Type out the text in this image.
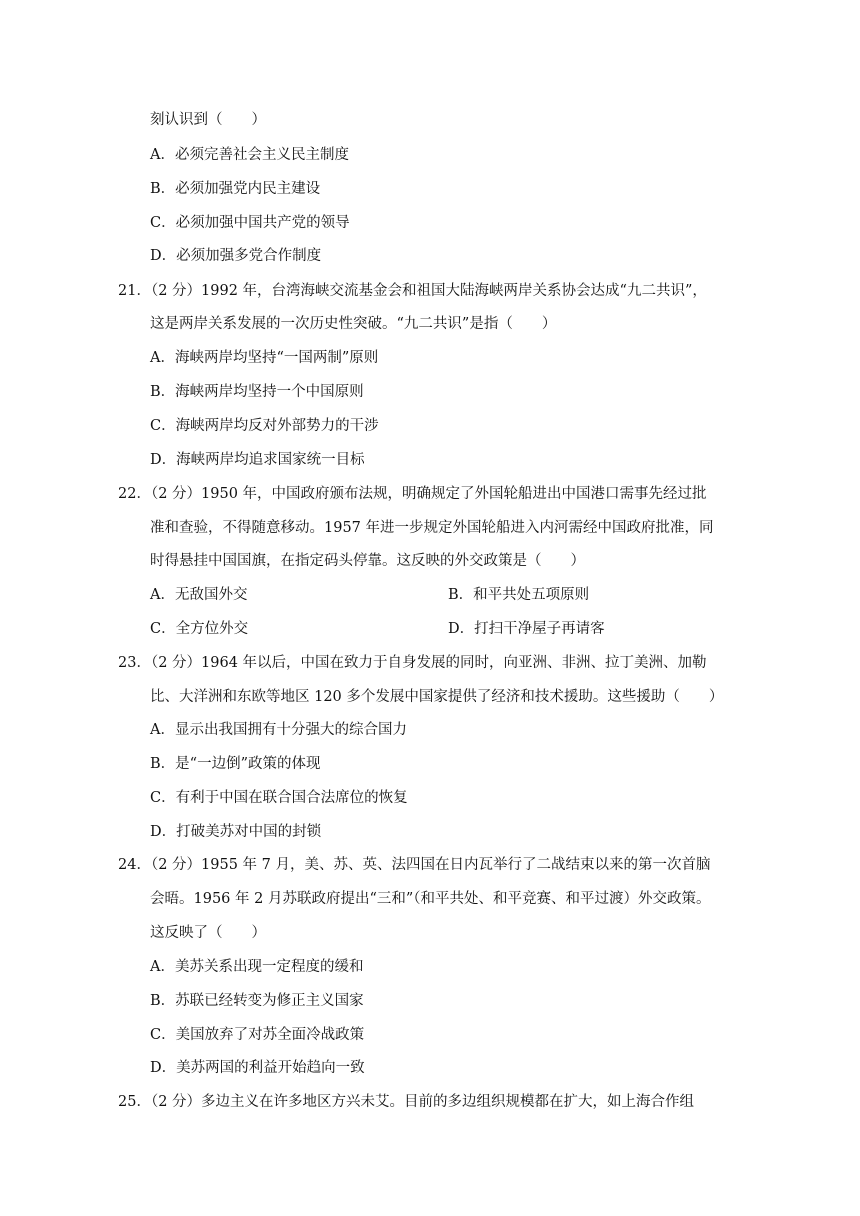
刻认识到（　　）
A．必须完善社会主义民主制度
B．必须加强党内民主建设
C．必须加强中国共产党的领导
D．必须加强多党合作制度
21．（2 分）1992 年，台湾海峡交流基金会和祖国大陆海峡两岸关系协会达成“九二共识”，
这是两岸关系发展的一次历史性突破。“九二共识”是指（　　）
A．海峡两岸均坚持“一国两制”原则
B．海峡两岸均坚持一个中国原则
C．海峡两岸均反对外部势力的干涉
D．海峡两岸均追求国家统一目标
22．（2 分）1950 年，中国政府颁布法规，明确规定了外国轮船进出中国港口需事先经过批
准和查验，不得随意移动。1957 年进一步规定外国轮船进入内河需经中国政府批准，同
时得悬挂中国国旗，在指定码头停靠。这反映的外交政策是（　　）
A．无敌国外交	B．和平共处五项原则
C．全方位外交	D．打扫干净屋子再请客
23．（2 分）1964 年以后，中国在致力于自身发展的同时，向亚洲、非洲、拉丁美洲、加勒
比、大洋洲和东欧等地区 120 多个发展中国家提供了经济和技术援助。这些援助（　　）
A．显示出我国拥有十分强大的综合国力
B．是“一边倒”政策的体现
C．有利于中国在联合国合法席位的恢复
D．打破美苏对中国的封锁
24．（2 分）1955 年 7 月，美、苏、英、法四国在日内瓦举行了二战结束以来的第一次首脑
会晤。1956 年 2 月苏联政府提出“三和”（和平共处、和平竞赛、和平过渡）外交政策。
这反映了（　　）
A．美苏关系出现一定程度的缓和
B．苏联已经转变为修正主义国家
C．美国放弃了对苏全面冷战政策
D．美苏两国的利益开始趋向一致
25．（2 分）多边主义在许多地区方兴未艾。目前的多边组织规模都在扩大，如上海合作组
